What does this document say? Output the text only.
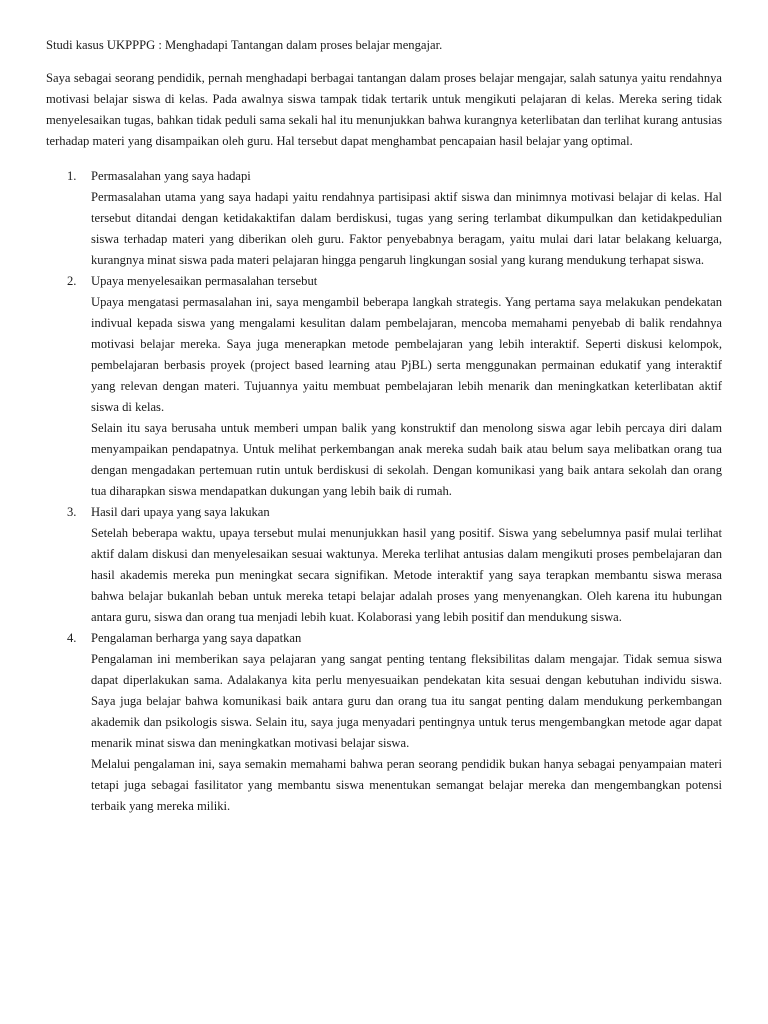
Studi kasus UKPPPG : Menghadapi Tantangan dalam proses belajar mengajar.

Saya sebagai seorang pendidik, pernah menghadapi berbagai tantangan dalam proses belajar mengajar, salah satunya yaitu rendahnya motivasi belajar siswa di kelas. Pada awalnya siswa tampak tidak tertarik untuk mengikuti pelajaran di kelas. Mereka sering tidak menyelesaikan tugas, bahkan tidak peduli sama sekali hal itu menunjukkan bahwa kurangnya keterlibatan dan terlihat kurang antusias terhadap materi yang disampaikan oleh guru. Hal tersebut dapat menghambat pencapaian hasil belajar yang optimal.

1. Permasalahan yang saya hadapi

Permasalahan utama yang saya hadapi yaitu rendahnya partisipasi aktif siswa dan minimnya motivasi belajar di kelas. Hal tersebut ditandai dengan ketidakaktifan dalam berdiskusi, tugas yang sering terlambat dikumpulkan dan ketidakpedulian siswa terhadap materi yang diberikan oleh guru. Faktor penyebabnya beragam, yaitu mulai dari latar belakang keluarga, kurangnya minat siswa pada materi pelajaran hingga pengaruh lingkungan sosial yang kurang mendukung terhapat siswa.

2. Upaya menyelesaikan permasalahan tersebut

Upaya mengatasi permasalahan ini, saya mengambil beberapa langkah strategis. Yang pertama saya melakukan pendekatan indivual kepada siswa yang mengalami kesulitan dalam pembelajaran, mencoba memahami penyebab di balik rendahnya motivasi belajar mereka. Saya juga menerapkan metode pembelajaran yang lebih interaktif. Seperti diskusi kelompok, pembelajaran berbasis proyek (project based learning atau PjBL) serta menggunakan permainan edukatif yang interaktif yang relevan dengan materi. Tujuannya yaitu membuat pembelajaran lebih menarik dan meningkatkan keterlibatan aktif siswa di kelas.

Selain itu saya berusaha untuk memberi umpan balik yang konstruktif dan menolong siswa agar lebih percaya diri dalam menyampaikan pendapatnya. Untuk melihat perkembangan anak mereka sudah baik atau belum saya melibatkan orang tua dengan mengadakan pertemuan rutin untuk berdiskusi di sekolah. Dengan komunikasi yang baik antara sekolah dan orang tua diharapkan siswa mendapatkan dukungan yang lebih baik di rumah.

3. Hasil dari upaya yang saya lakukan

Setelah beberapa waktu, upaya tersebut mulai menunjukkan hasil yang positif. Siswa yang sebelumnya pasif mulai terlihat aktif dalam diskusi dan menyelesaikan sesuai waktunya. Mereka terlihat antusias dalam mengikuti proses pembelajaran dan hasil akademis mereka pun meningkat secara signifikan. Metode interaktif yang saya terapkan membantu siswa merasa bahwa belajar bukanlah beban untuk mereka tetapi belajar adalah proses yang menyenangkan. Oleh karena itu hubungan antara guru, siswa dan orang tua menjadi lebih kuat. Kolaborasi yang lebih positif dan mendukung siswa.

4. Pengalaman berharga yang saya dapatkan

Pengalaman ini memberikan saya pelajaran yang sangat penting tentang fleksibilitas dalam mengajar. Tidak semua siswa dapat diperlakukan sama. Adalakanya kita perlu menyesuaikan pendekatan kita sesuai dengan kebutuhan individu siswa. Saya juga belajar bahwa komunikasi baik antara guru dan orang tua itu sangat penting dalam mendukung perkembangan akademik dan psikologis siswa. Selain itu, saya juga menyadari pentingnya untuk terus mengembangkan metode agar dapat menarik minat siswa dan meningkatkan motivasi belajar siswa.

Melalui pengalaman ini, saya semakin memahami bahwa peran seorang pendidik bukan hanya sebagai penyampaian materi tetapi juga sebagai fasilitator yang membantu siswa menentukan semangat belajar mereka dan mengembangkan potensi terbaik yang mereka miliki.
